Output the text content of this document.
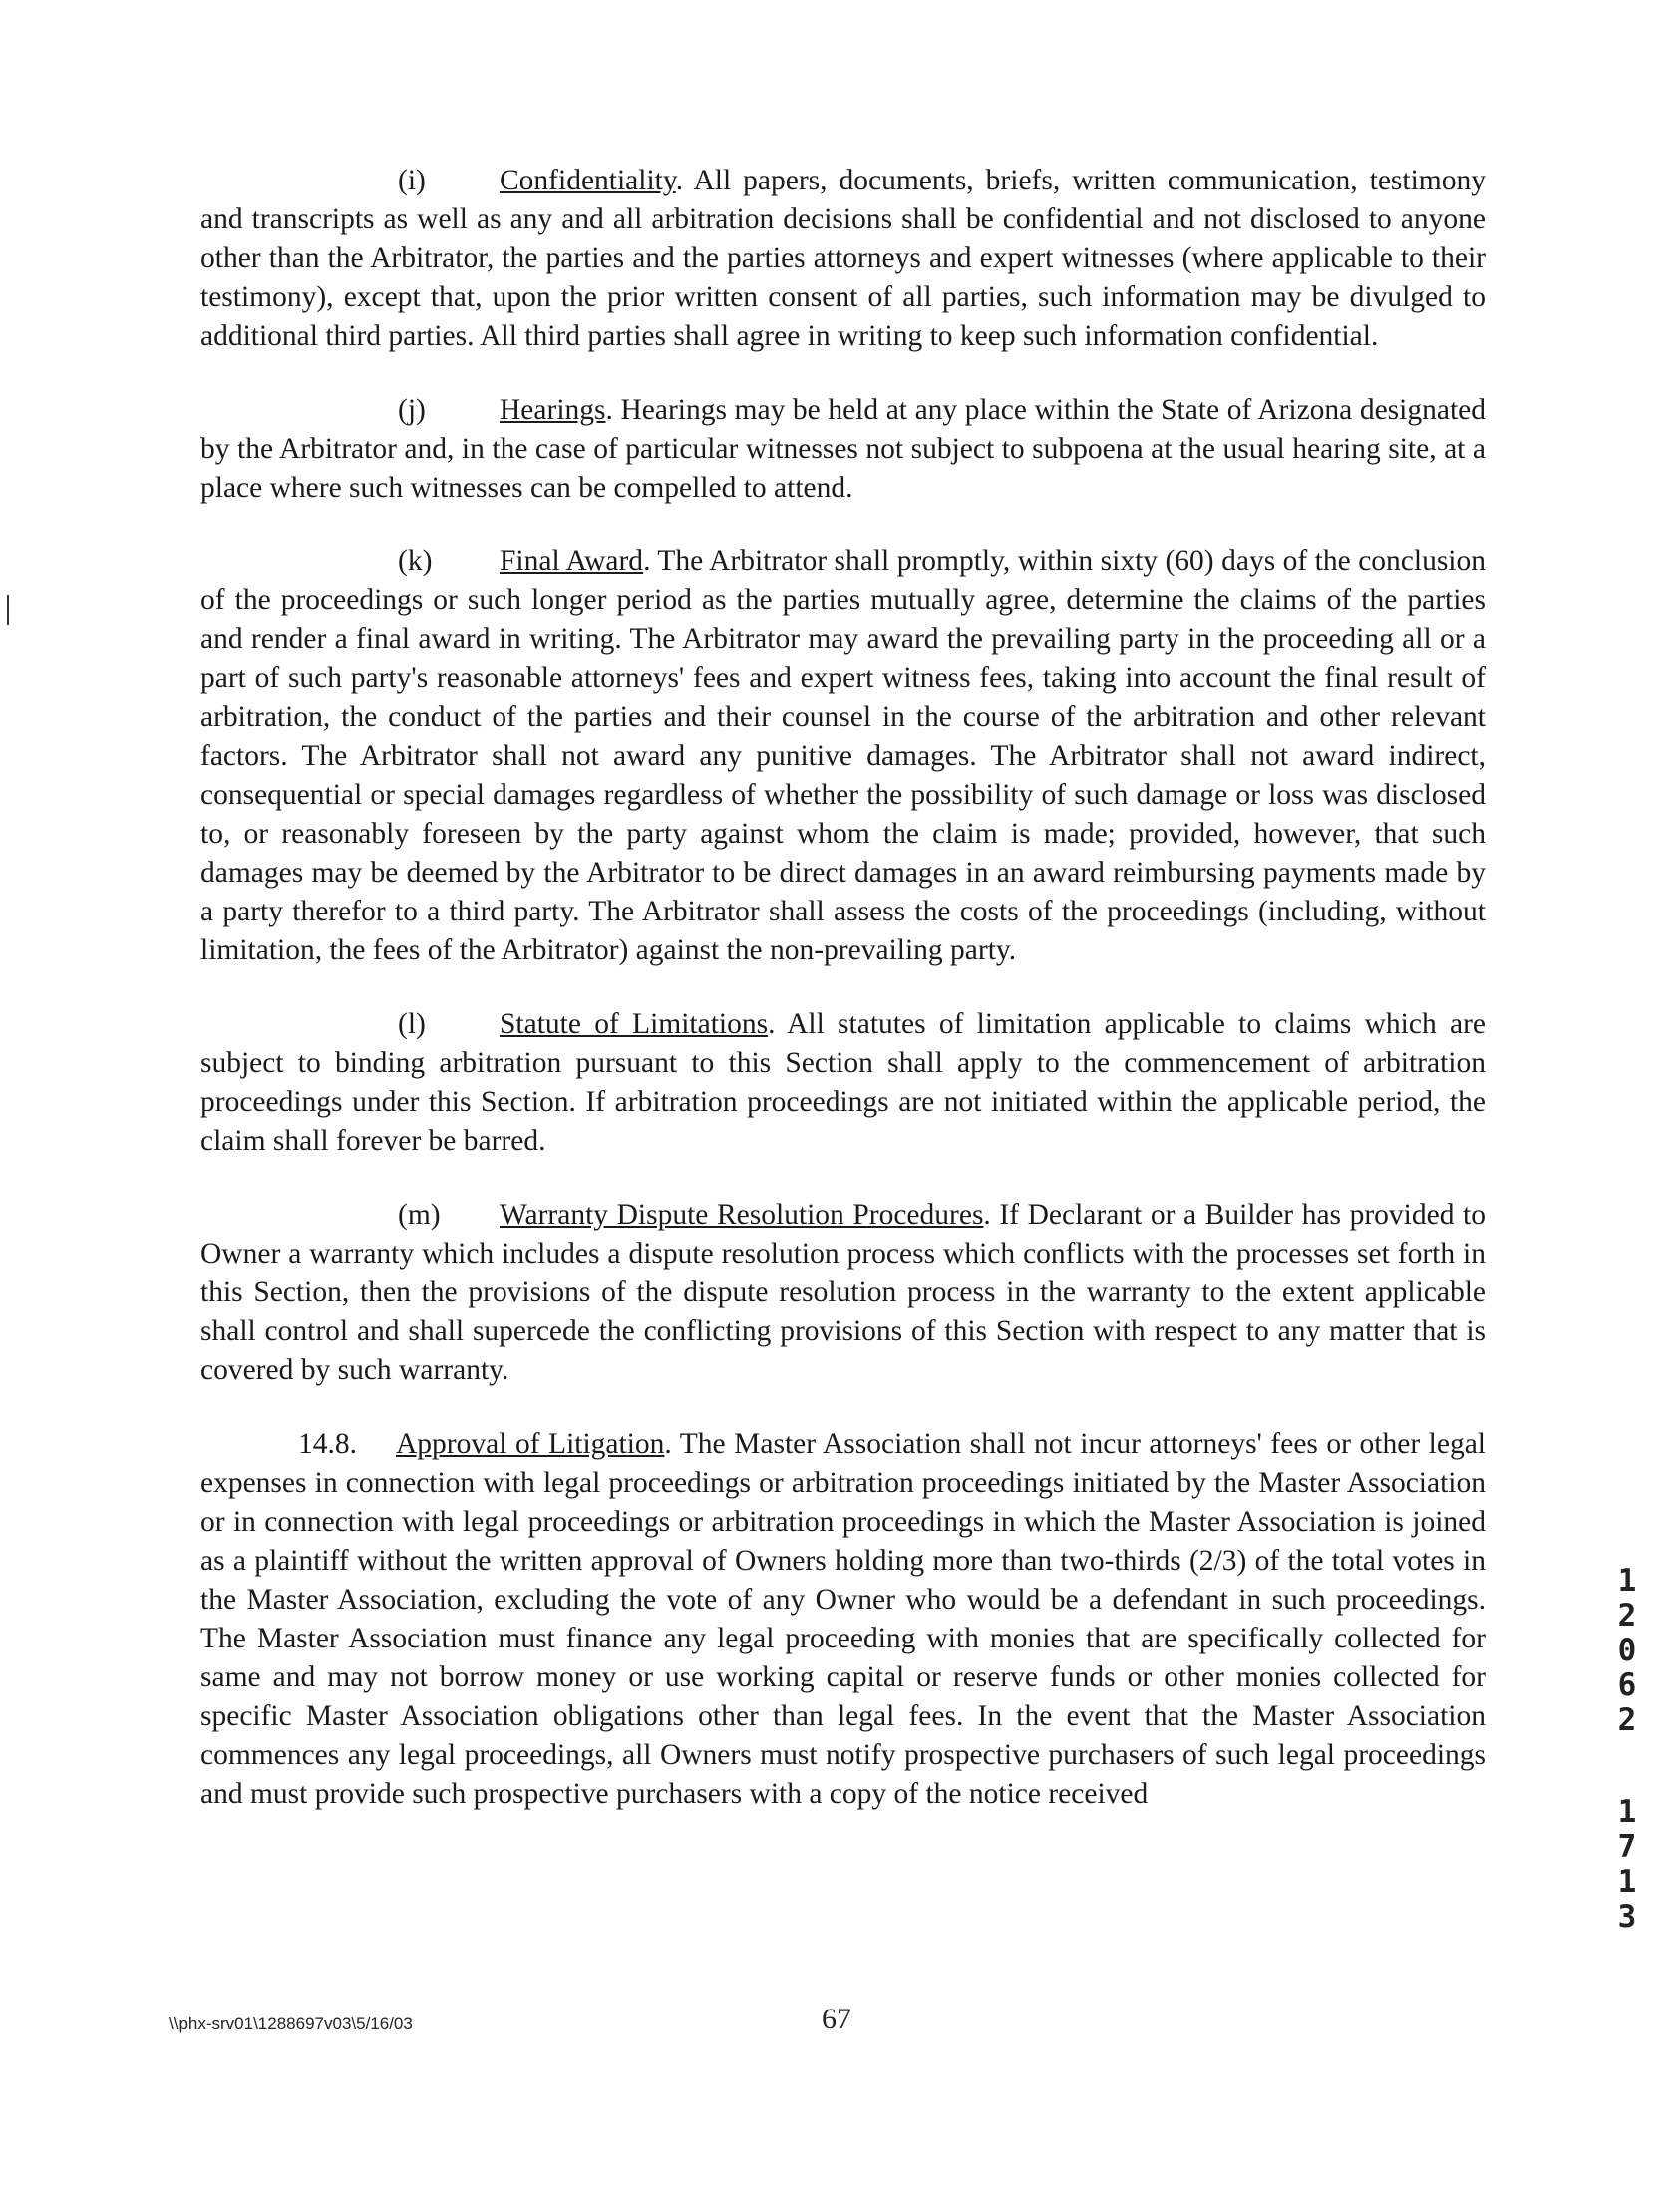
(i)	Confidentiality. All papers, documents, briefs, written communication, testimony and transcripts as well as any and all arbitration decisions shall be confidential and not disclosed to anyone other than the Arbitrator, the parties and the parties attorneys and expert witnesses (where applicable to their testimony), except that, upon the prior written consent of all parties, such information may be divulged to additional third parties. All third parties shall agree in writing to keep such information confidential.

(j)	Hearings. Hearings may be held at any place within the State of Arizona designated by the Arbitrator and, in the case of particular witnesses not subject to subpoena at the usual hearing site, at a place where such witnesses can be compelled to attend.

(k) Final Award. The Arbitrator shall promptly, within sixty (60) days of the conclusion of the proceedings or such longer period as the parties mutually agree, determine the claims of the parties and render a final award in writing. The Arbitrator may award the prevailing party in the proceeding all or a part of such party's reasonable attorneys' fees and expert witness fees, taking into account the final result of arbitration, the conduct of the parties and their counsel in the course of the arbitration and other relevant factors. The Arbitrator shall not award any punitive damages. The Arbitrator shall not award indirect, consequential or special damages regardless of whether the possibility of such damage or loss was disclosed to, or reasonably foreseen by the party against whom the claim is made; provided, however, that such damages may be deemed by the Arbitrator to be direct damages in an award reimbursing payments made by a party therefor to a third party. The Arbitrator shall assess the costs of the proceedings (including, without limitation, the fees of the Arbitrator) against the non-prevailing party.

(l)	Statute of Limitations. All statutes of limitation applicable to claims which are subject to binding arbitration pursuant to this Section shall apply to the commencement of arbitration proceedings under this Section. If arbitration proceedings are not initiated within the applicable period, the claim shall forever be barred.

(m) Warranty Dispute Resolution Procedures. If Declarant or a Builder has provided to Owner a warranty which includes a dispute resolution process which conflicts with the processes set forth in this Section, then the provisions of the dispute resolution process in the warranty to the extent applicable shall control and shall supercede the conflicting provisions of this Section with respect to any matter that is covered by such warranty.

14.8. Approval of Litigation. The Master Association shall not incur attorneys' fees or other legal expenses in connection with legal proceedings or arbitration proceedings initiated by the Master Association or in connection with legal proceedings or arbitration proceedings in which the Master Association is joined as a plaintiff without the written approval of Owners holding more than two-thirds (2/3) of the total votes in the Master Association, excluding the vote of any Owner who would be a defendant in such proceedings. The Master Association must finance any legal proceeding with monies that are specifically collected for same and may not borrow money or use working capital or reserve funds or other monies collected for specific Master Association obligations other than legal fees. In the event that the Master Association commences any legal proceedings, all Owners must notify prospective purchasers of such legal proceedings and must provide such prospective purchasers with a copy of the notice received

1
2
0
6
2
1
7
1
3
\\phx-srv01\1288697v03\5/16/03	67
